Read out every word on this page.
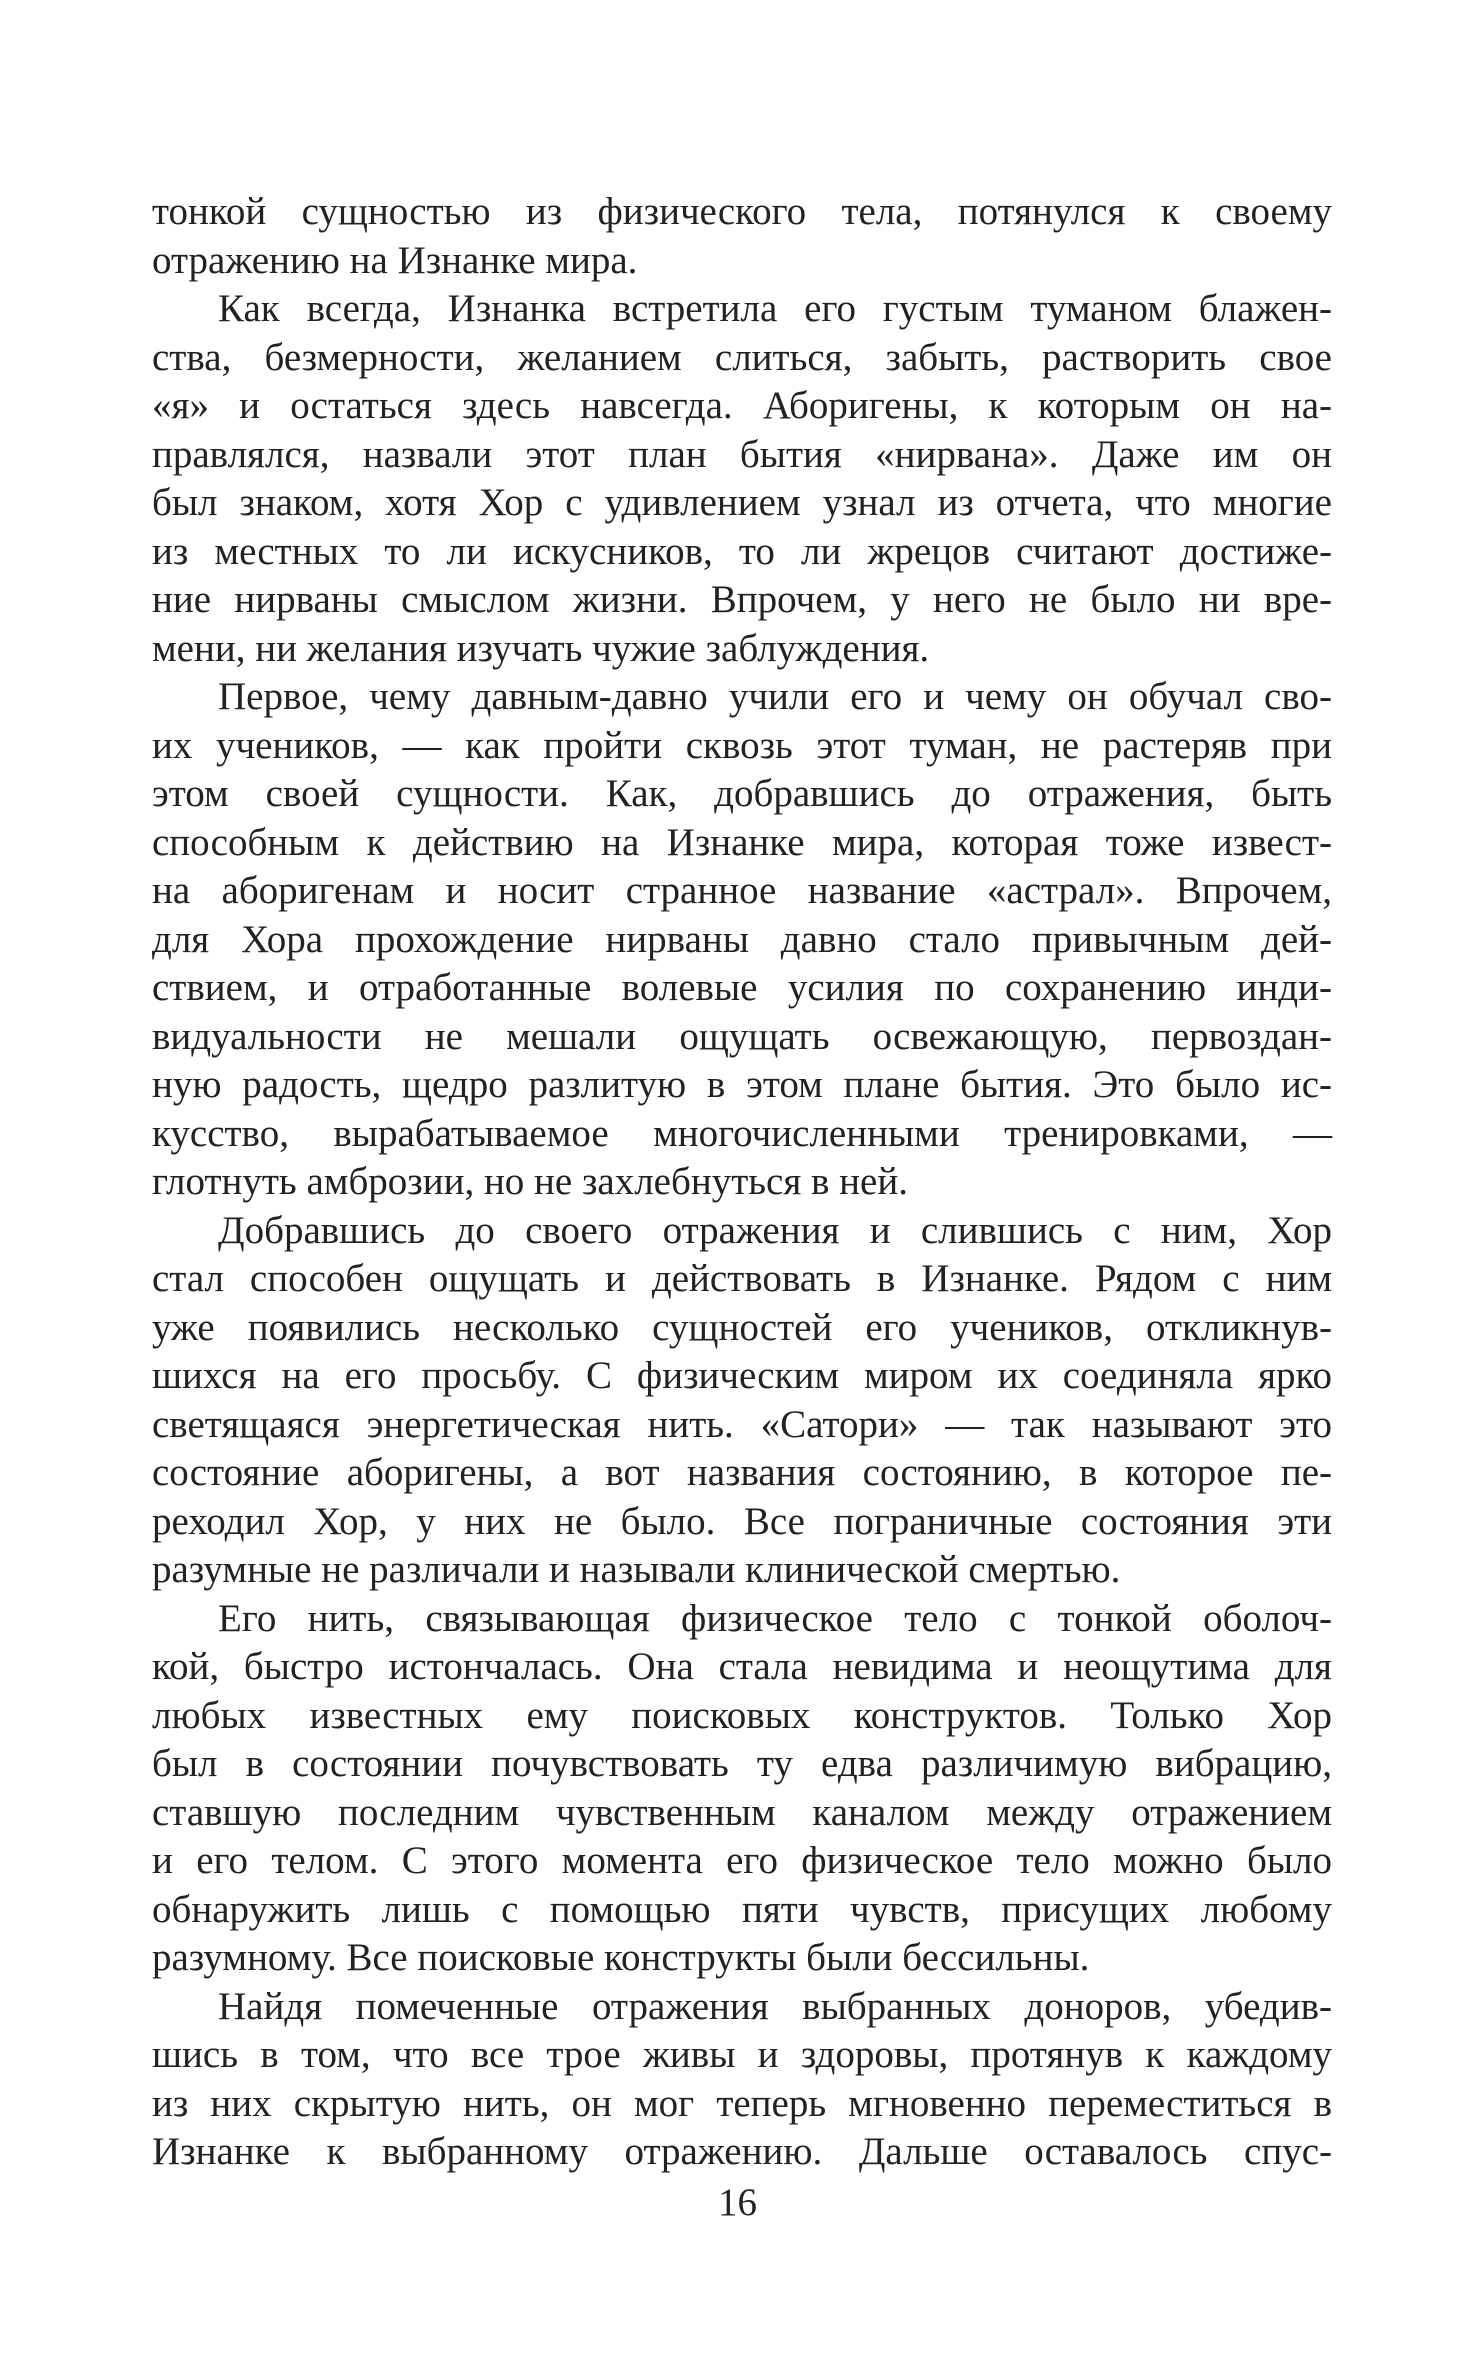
тонкой сущностью из физического тела, потянулся к своему
отражению на Изнанке мира.
Как всегда, Изнанка встретила его густым туманом блажен-
ства, безмерности, желанием слиться, забыть, растворить свое
«я» и остаться здесь навсегда. Аборигены, к которым он на-
правлялся, назвали этот план бытия «нирвана». Даже им он
был знаком, хотя Хор с удивлением узнал из отчета, что многие
из местных то ли искусников, то ли жрецов считают достиже-
ние нирваны смыслом жизни. Впрочем, у него не было ни вре-
мени, ни желания изучать чужие заблуждения.
Первое, чему давным-давно учили его и чему он обучал сво-
их учеников, — как пройти сквозь этот туман, не растеряв при
этом своей сущности. Как, добравшись до отражения, быть
способным к действию на Изнанке мира, которая тоже извест-
на аборигенам и носит странное название «астрал». Впрочем,
для Хора прохождение нирваны давно стало привычным дей-
ствием, и отработанные волевые усилия по сохранению инди-
видуальности не мешали ощущать освежающую, первоздан-
ную радость, щедро разлитую в этом плане бытия. Это было ис-
кусство, вырабатываемое многочисленными тренировками, —
глотнуть амброзии, но не захлебнуться в ней.
Добравшись до своего отражения и слившись с ним, Хор
стал способен ощущать и действовать в Изнанке. Рядом с ним
уже появились несколько сущностей его учеников, откликнув-
шихся на его просьбу. С физическим миром их соединяла ярко
светящаяся энергетическая нить. «Сатори» — так называют это
состояние аборигены, а вот названия состоянию, в которое пе-
реходил Хор, у них не было. Все пограничные состояния эти
разумные не различали и называли клинической смертью.
Его нить, связывающая физическое тело с тонкой оболоч-
кой, быстро истончалась. Она стала невидима и неощутима для
любых известных ему поисковых конструктов. Только Хор
был в состоянии почувствовать ту едва различимую вибрацию,
ставшую последним чувственным каналом между отражением
и его телом. С этого момента его физическое тело можно было
обнаружить лишь с помощью пяти чувств, присущих любому
разумному. Все поисковые конструкты были бессильны.
Найдя помеченные отражения выбранных доноров, убедив-
шись в том, что все трое живы и здоровы, протянув к каждому
из них скрытую нить, он мог теперь мгновенно переместиться в
Изнанке к выбранному отражению. Дальше оставалось спус-
16
